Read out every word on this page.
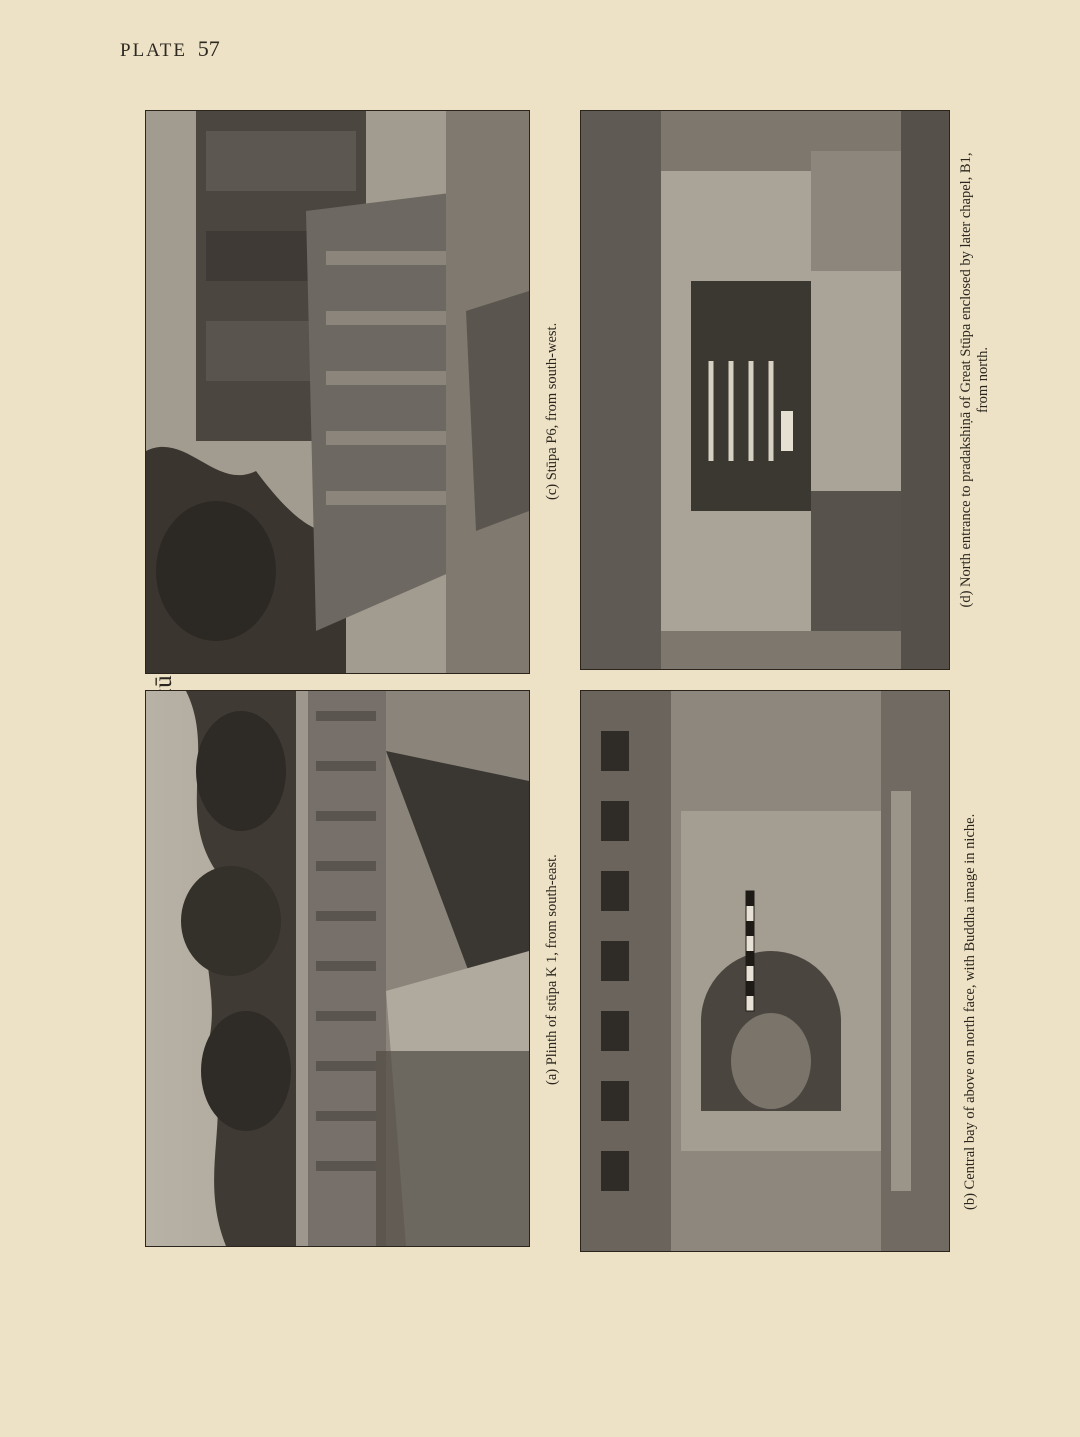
PLATE 57
(a) Plinth of stūpa K 1, from south-east.
(c) Stūpa P6, from south-west.
(b) Central bay of above on north face, with Buddha image in niche.
(d) North entrance to pradakshiṇā of Great Stūpa enclosed by later chapel, B1, from north.
